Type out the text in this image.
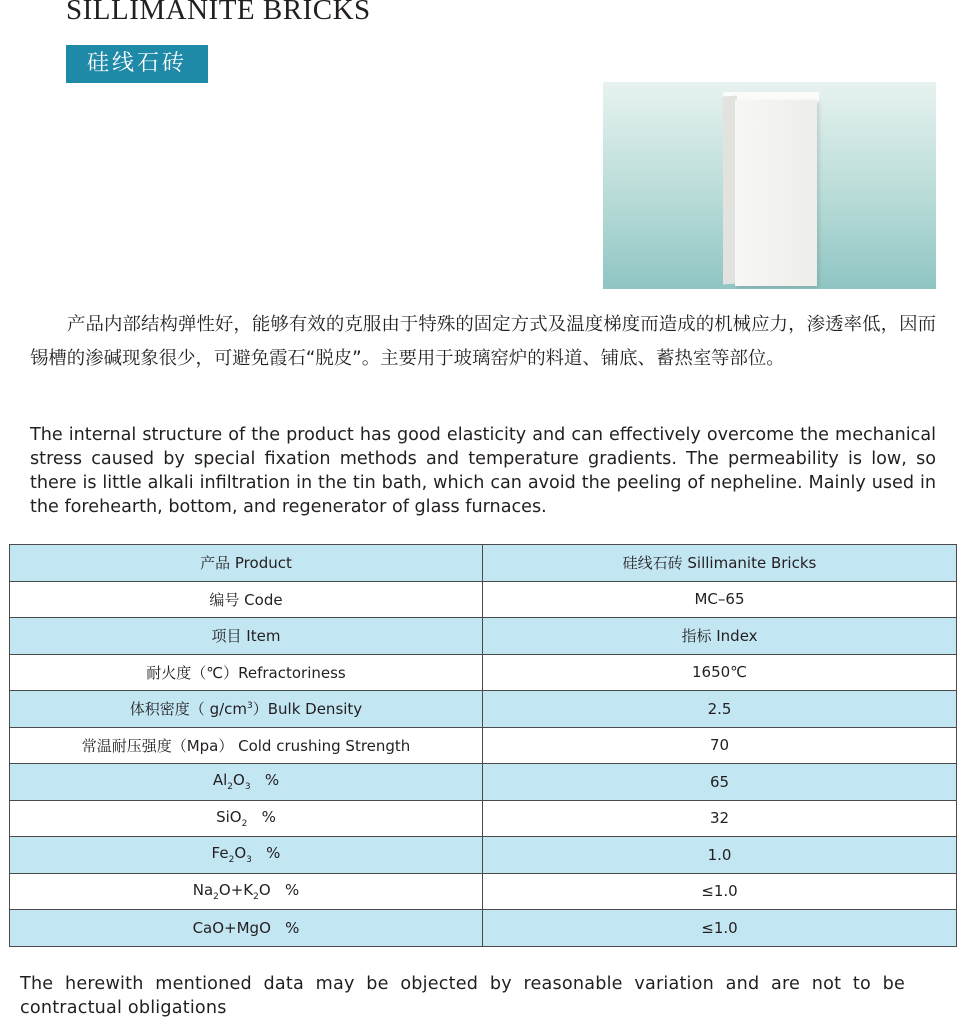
SILLIMANITE BRICKS
硅线石砖
产品内部结构弹性好，能够有效的克服由于特殊的固定方式及温度梯度而造成的机械应力，渗透率低，因而锡槽的渗碱现象很少，可避免霞石“脱皮”。主要用于玻璃窑炉的料道、铺底、蓄热室等部位。
The internal structure of the product has good elasticity and can effectively overcome the mechanical stress caused by special fixation methods and temperature gradients. The permeability is low, so there is little alkali infiltration in the tin bath, which can avoid the peeling of nepheline. Mainly used in the forehearth, bottom, and regenerator of glass furnaces.
产品 Product	硅线石砖 Sillimanite Bricks
编号 Code	MC–65
项目 Item	指标 Index
耐火度（℃）Refractoriness	1650℃
体积密度（ $g/cm^3)Bulk$ Density	2.5
常温耐压强度（Mpa） Cold crushing Strength	70
$Al_2O_3$   %	65
SiO$_2$   %	32
$Fe_2O_3$   %	1.0
$Na_2O+K_2O$   %	≤1.0
CaO+MgO   %	≤1.0
The herewith mentioned data may be objected by reasonable variation and are not to be contractual obligations
